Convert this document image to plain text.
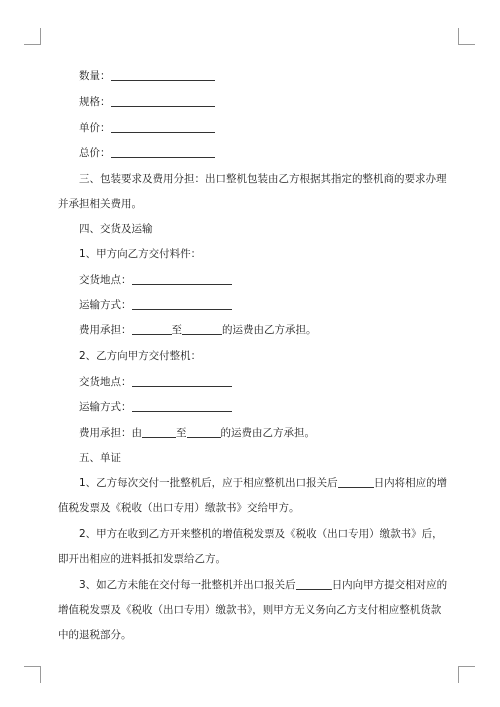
数量：
规格：
单价：
总价：
三、包装要求及费用分担：出口整机包装由乙方根据其指定的整机商的要求办理
并承担相关费用。
四、交货及运输
1、甲方向乙方交付料件：
交货地点：
运输方式：
费用承担：	至	的运费由乙方承担。
2、乙方向甲方交付整机：
交货地点：
运输方式：
费用承担：由	至	的运费由乙方承担。
五、单证
1、乙方每次交付一批整机后，应于相应整机出口报关后	日内将相应的增
值税发票及《税收（出口专用）缴款书》交给甲方。
2、甲方在收到乙方开来整机的增值税发票及《税收（出口专用）缴款书》后，
即开出相应的进料抵扣发票给乙方。
3、如乙方未能在交付每一批整机并出口报关后	日内向甲方提交相对应的
增值税发票及《税收（出口专用）缴款书》，则甲方无义务向乙方支付相应整机货款
中的退税部分。
